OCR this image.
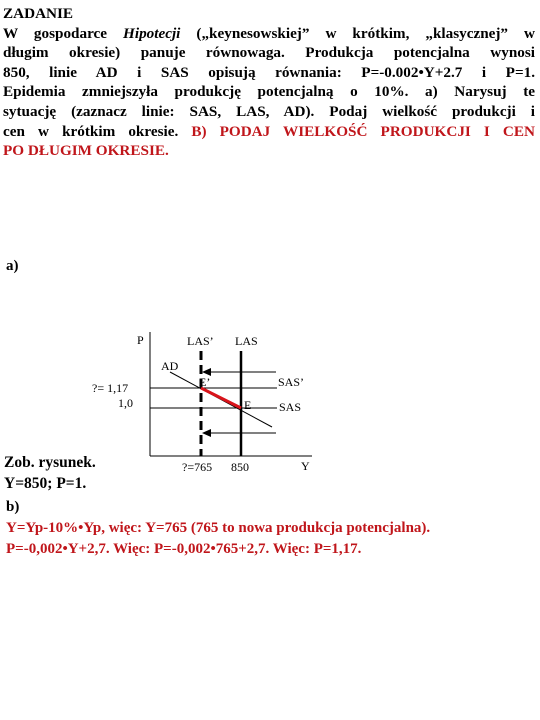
ZADANIE
W gospodarce Hipotecji („keynesowskiej” w krótkim, „klasycznej” w
długim okresie) panuje równowaga. Produkcja potencjalna wynosi
850, linie AD i SAS opisują równania: P=-0.002•Y+2.7 i P=1.
Epidemia zmniejszyła produkcję potencjalną o 10%. a) Narysuj te
sytuację (zaznacz linie: SAS, LAS, AD). Podaj wielkość produkcji i
cen w krótkim okresie. B) PODAJ WIELKOŚĆ PRODUKCJI I CEN
PO DŁUGIM OKRESIE.
a)
P
Y
LAS’ LAS
AD
SAS’
SAS
E’
E
?= 1,17
1,0
?=765 850
Zob. rysunek.
Y=850; P=1.
b)
Y=Yp-10%•Yp, więc: Y=765 (765 to nowa produkcja potencjalna).
P=-0,002•Y+2,7. Więc: P=-0,002•765+2,7. Więc: P=1,17.
